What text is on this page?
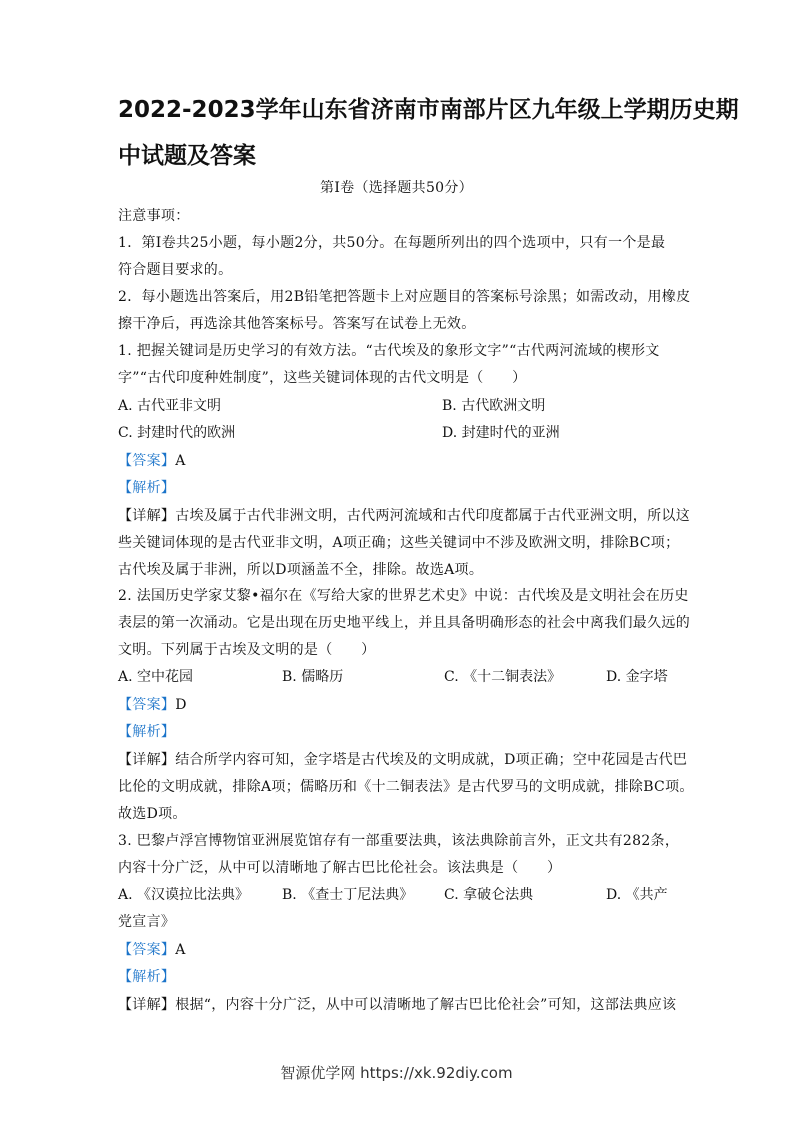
2022-2023学年山东省济南市南部片区九年级上学期历史期
中试题及答案
第Ⅰ卷（选择题共50分）
注意事项：
1．第Ⅰ卷共25小题，每小题2分，共50分。在每题所列出的四个选项中，只有一个是最
符合题目要求的。
2．每小题选出答案后，用2B铅笔把答题卡上对应题目的答案标号涂黑；如需改动，用橡皮
擦干净后，再选涂其他答案标号。答案写在试卷上无效。
1. 把握关键词是历史学习的有效方法。“古代埃及的象形文字”“古代两河流域的楔形文
字”“古代印度种姓制度”，这些关键词体现的古代文明是（　　）
A. 古代亚非文明	B. 古代欧洲文明
C. 封建时代的欧洲	D. 封建时代的亚洲
【答案】A
【解析】
【详解】古埃及属于古代非洲文明，古代两河流域和古代印度都属于古代亚洲文明，所以这
些关键词体现的是古代亚非文明，A项正确；这些关键词中不涉及欧洲文明，排除BC项；
古代埃及属于非洲，所以D项涵盖不全，排除。故选A项。
2. 法国历史学家艾黎•福尔在《写给大家的世界艺术史》中说：古代埃及是文明社会在历史
表层的第一次涌动。它是出现在历史地平线上，并且具备明确形态的社会中离我们最久远的
文明。下列属于古埃及文明的是（　　）
A. 空中花园	B. 儒略历	C. 《十二铜表法》	D. 金字塔
【答案】D
【解析】
【详解】结合所学内容可知，金字塔是古代埃及的文明成就，D项正确；空中花园是古代巴
比伦的文明成就，排除A项；儒略历和《十二铜表法》是古代罗马的文明成就，排除BC项。
故选D项。
3. 巴黎卢浮宫博物馆亚洲展览馆存有一部重要法典，该法典除前言外，正文共有282条，
内容十分广泛，从中可以清晰地了解古巴比伦社会。该法典是（　　）
A. 《汉谟拉比法典》 B. 《查士丁尼法典》 C. 拿破仑法典	D. 《共产
党宣言》
【答案】A
【解析】
【详解】根据“，内容十分广泛，从中可以清晰地了解古巴比伦社会”可知，这部法典应该
智源优学网 https://xk.92diy.com
